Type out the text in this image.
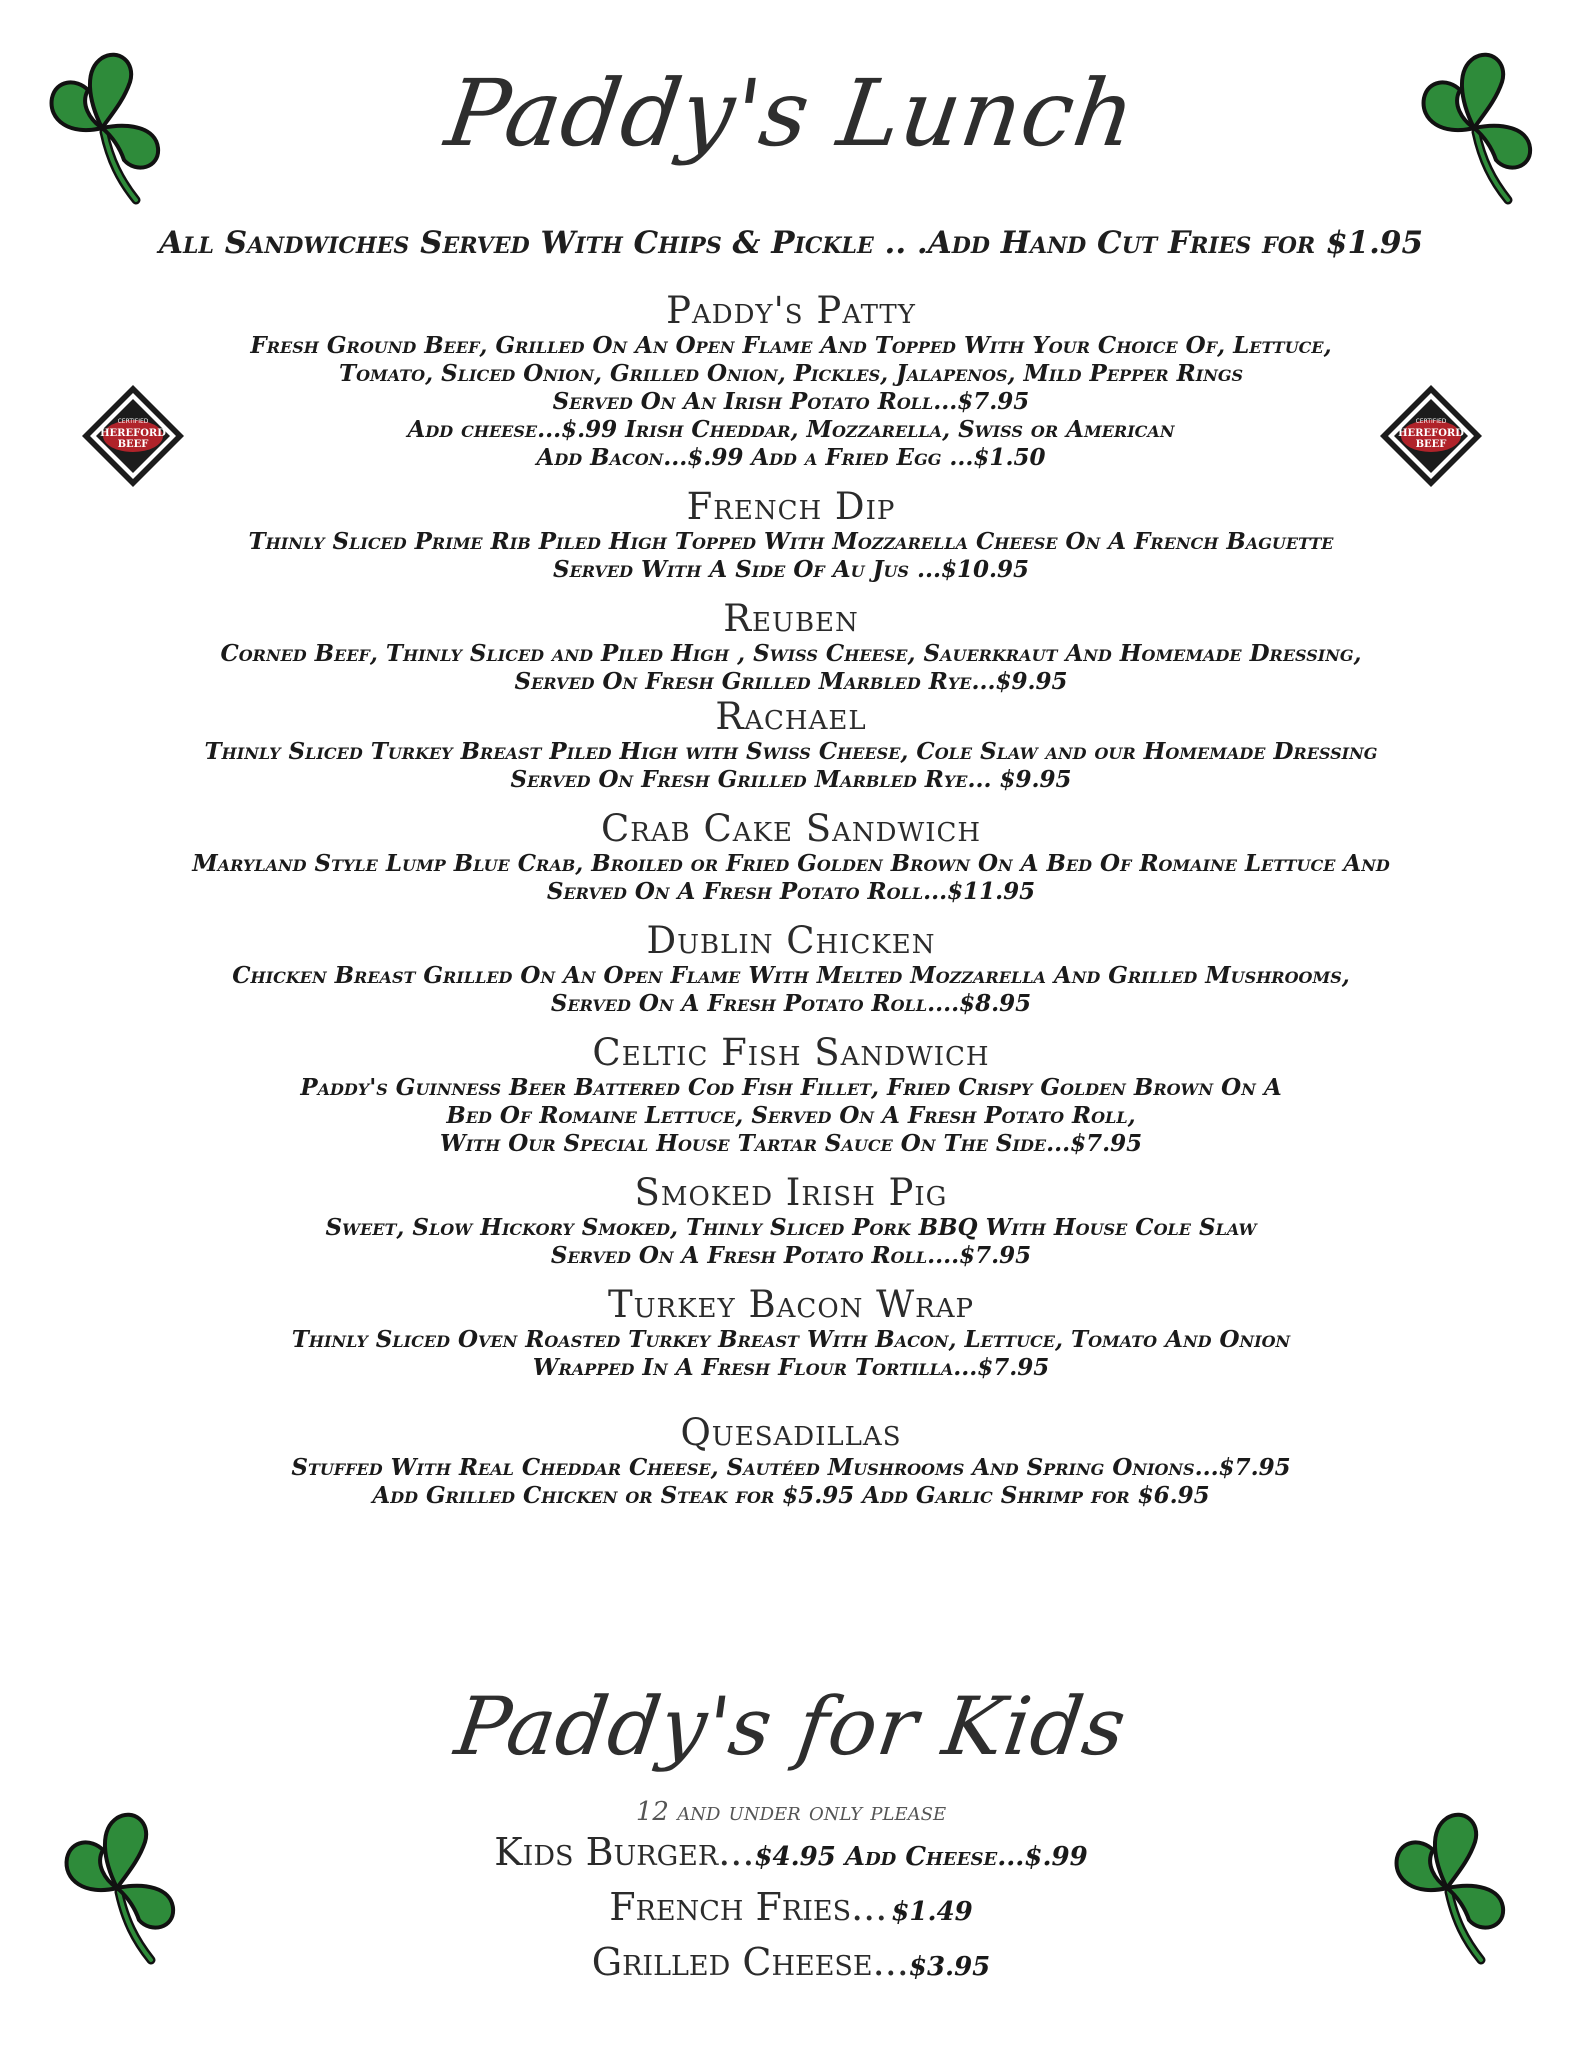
CERTIFIED
HEREFORD
BEEF
CERTIFIED
HEREFORD
BEEF
Paddy's Lunch
All Sandwiches Served With Chips & Pickle .. .Add Hand Cut Fries for $1.95
Paddy's Patty
Fresh Ground Beef, Grilled On An Open Flame And Topped With Your Choice Of, Lettuce,
Tomato, Sliced Onion, Grilled Onion, Pickles, Jalapenos, Mild Pepper Rings
Served On An Irish Potato Roll...$7.95
Add cheese...$.99 Irish Cheddar, Mozzarella, Swiss or American
Add Bacon...$.99 Add a Fried Egg ...$1.50
French Dip
Thinly Sliced Prime Rib Piled High Topped With Mozzarella Cheese On A French Baguette
Served With A Side Of Au Jus ...$10.95
Reuben
Corned Beef, Thinly Sliced and Piled High , Swiss Cheese, Sauerkraut And Homemade Dressing,
Served On Fresh Grilled Marbled Rye...$9.95
Rachael
Thinly Sliced Turkey Breast Piled High with Swiss Cheese, Cole Slaw and our Homemade Dressing
Served On Fresh Grilled Marbled Rye... $9.95
Crab Cake Sandwich
Maryland Style Lump Blue Crab, Broiled or Fried Golden Brown On A Bed Of Romaine Lettuce And
Served On A Fresh Potato Roll...$11.95
Dublin Chicken
Chicken Breast Grilled On An Open Flame With Melted Mozzarella And Grilled Mushrooms,
Served On A Fresh Potato Roll....$8.95
Celtic Fish Sandwich
Paddy's Guinness Beer Battered Cod Fish Fillet, Fried Crispy Golden Brown On A
Bed Of Romaine Lettuce, Served On A Fresh Potato Roll,
With Our Special House Tartar Sauce On The Side...$7.95
Smoked Irish Pig
Sweet, Slow Hickory Smoked, Thinly Sliced Pork BBQ With House Cole Slaw
Served On A Fresh Potato Roll....$7.95
Turkey Bacon Wrap
Thinly Sliced Oven Roasted Turkey Breast With Bacon, Lettuce, Tomato And Onion
Wrapped In A Fresh Flour Tortilla...$7.95
Quesadillas
Stuffed With Real Cheddar Cheese, Sautéed Mushrooms And Spring Onions...$7.95
Add Grilled Chicken or Steak for $5.95 Add Garlic Shrimp for $6.95
Paddy's for Kids
12 and under only please
Kids Burger...$4.95 Add Cheese...$.99
French Fries... $1.49
Grilled Cheese...$3.95
